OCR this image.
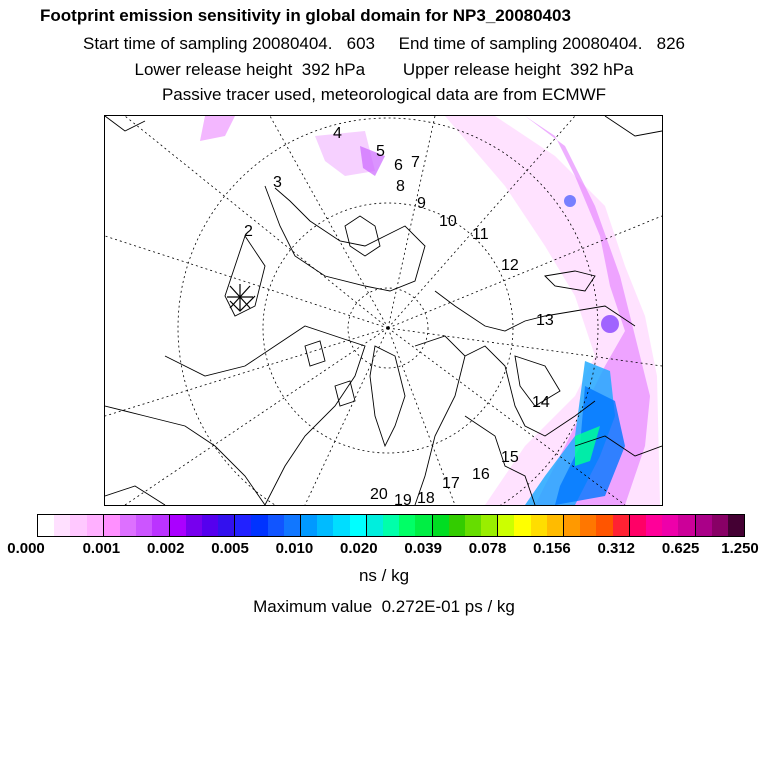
Footprint emission sensitivity in global domain for NP3_20080403
Start time of sampling 20080404.   603     End time of sampling 20080404.   826
Lower release height  392 hPa        Upper release height  392 hPa
Passive tracer used, meteorological data are from ECMWF
2
3
4
5
6 7
8
9
10
11
12
13
14
15
16
17
18
19
20
0.000	0.001 0.002 0.005 0.010 0.020 0.039 0.078 0.156 0.312 0.625 1.250
ns / kg
Maximum value  0.272E-01 ps / kg
